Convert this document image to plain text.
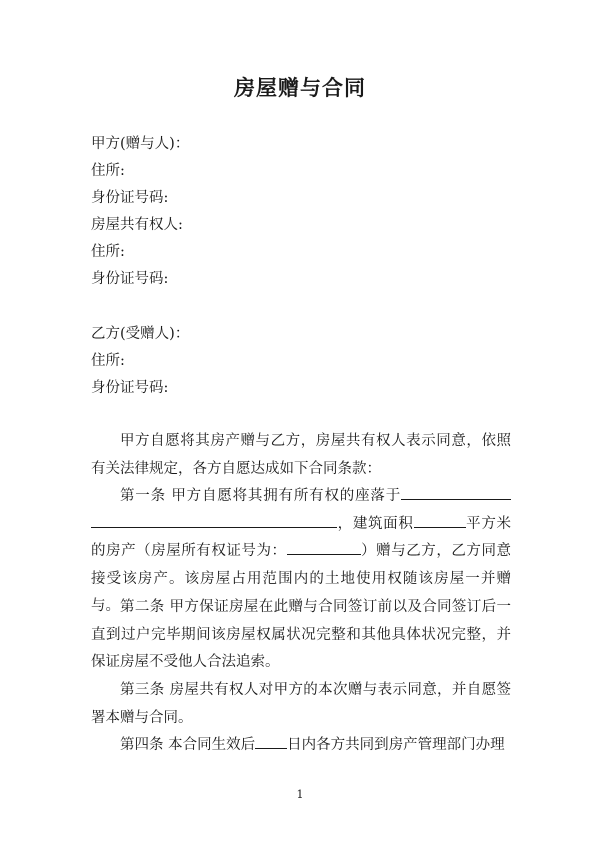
房屋赠与合同
甲方(赠与人)：
住所:
身份证号码:
房屋共有权人:
住所:
身份证号码:
乙方(受赠人)：
住所:
身份证号码:
甲方自愿将其房产赠与乙方，房屋共有权人表示同意，依照有关法律规定，各方自愿达成如下合同条款：
第一条 甲方自愿将其拥有所有权的座落于，建筑面积	平方米的房产（房屋所有权证号为：	）赠与乙方，乙方同意接受该房产。该房屋占用范围内的土地使用权随该房屋一并赠与。 第二条 甲方保证房屋在此赠与合同签订前以及合同签订后一直到过户完毕期间该房屋权属状况完整和其他具体状况完整，并保证房屋不受他人合法追索。
第三条 房屋共有权人对甲方的本次赠与表示同意，并自愿签署本赠与合同。
第四条 本合同生效后 日内各方共同到房产管理部门办理
1
